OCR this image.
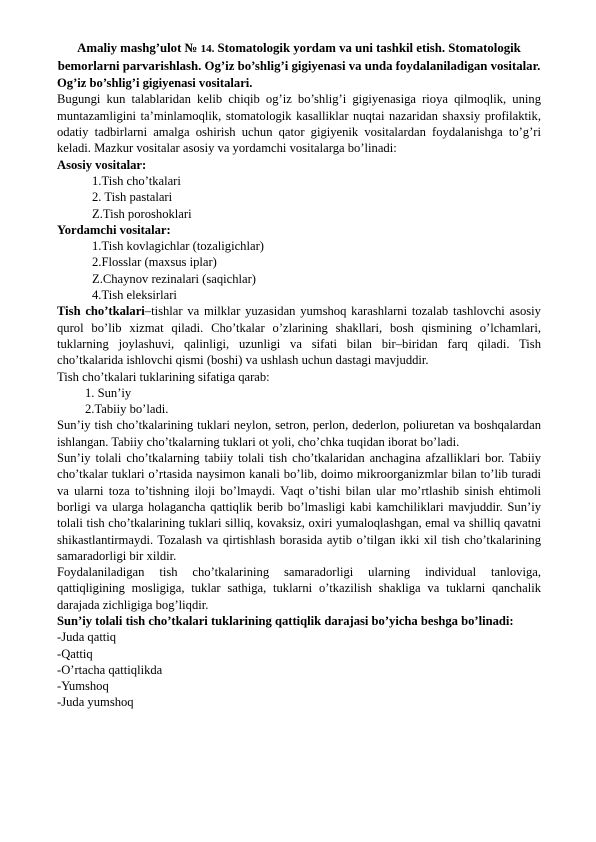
Amaliy mashg’ulot № 14. Stomatologik yordam va uni tashkil etish. Stomatologik bemorlarni parvarishlash. Og’iz bo’shlig’i gigiyenasi va unda foydalaniladigan vositalar.

Og’iz bo’shlig’i gigiyenasi vositalari.

Bugungi kun talablaridan kelib chiqib og’iz bo’shlig’i gigiyenasiga rioya qilmoqlik, uning muntazamligini ta’minlamoqlik, stomatologik kasalliklar nuqtai nazaridan shaxsiy profilaktik, odatiy tadbirlarni amalga oshirish uchun qator gigiyenik vositalardan foydalanishga to’g’ri keladi. Mazkur vositalar asosiy va yordamchi vositalarga bo’linadi:

Asosiy vositalar:

1.Tish cho’tkalari
2. Tish pastalari
Z.Tish poroshoklari

Yordamchi vositalar:

1.Tish kovlagichlar (tozaligichlar)
2.Flosslar (maxsus iplar)
Z.Chaynov rezinalari (saqichlar)
4.Tish eleksirlari

Tish cho’tkalari–tishlar va milklar yuzasidan yumshoq karashlarni tozalab tashlovchi asosiy qurol bo’lib xizmat qiladi. Cho’tkalar o’zlarining shakllari, bosh qismining o’lchamlari, tuklarning joylashuvi, qalinligi, uzunligi va sifati bilan bir–biridan farq qiladi. Tish cho’tkalarida ishlovchi qismi (boshi) va ushlash uchun dastagi mavjuddir.

Tish cho’tkalari tuklarining sifatiga qarab:

1. Sun’iy
2.Tabiiy bo’ladi.

Sun’iy tish cho’tkalarining tuklari neylon, setron, perlon, dederlon, poliuretan va boshqalardan ishlangan. Tabiiy cho’tkalarning tuklari ot yoli, cho’chka tuqidan iborat bo’ladi.

Sun’iy tolali cho’tkalarning tabiiy tolali tish cho’tkalaridan anchagina afzalliklari bor. Tabiiy cho’tkalar tuklari o’rtasida naysimon kanali bo’lib, doimo mikroorganizmlar bilan to’lib turadi va ularni toza to’tishning iloji bo’lmaydi. Vaqt o’tishi bilan ular mo’rtlashib sinish ehtimoli borligi va ularga holagancha qattiqlik berib bo’lmasligi kabi kamchiliklari mavjuddir. Sun’iy tolali tish cho’tkalarining tuklari silliq, kovaksiz, oxiri yumaloqlashgan, emal va shilliq qavatni shikastlantirmaydi. Tozalash va qirtishlash borasida aytib o’tilgan ikki xil tish cho’tkalarining samaradorligi bir xildir.

Foydalaniladigan tish cho’tkalarining samaradorligi ularning individual tanloviga, qattiqligining mosligiga, tuklar sathiga, tuklarni o’tkazilish shakliga va tuklarni qanchalik darajada zichligiga bog’liqdir.

Sun’iy tolali tish cho’tkalari tuklarining qattiqlik darajasi bo’yicha beshga bo’linadi:

-Juda qattiq
-Qattiq
-O’rtacha qattiqlikda
-Yumshoq
-Juda yumshoq
